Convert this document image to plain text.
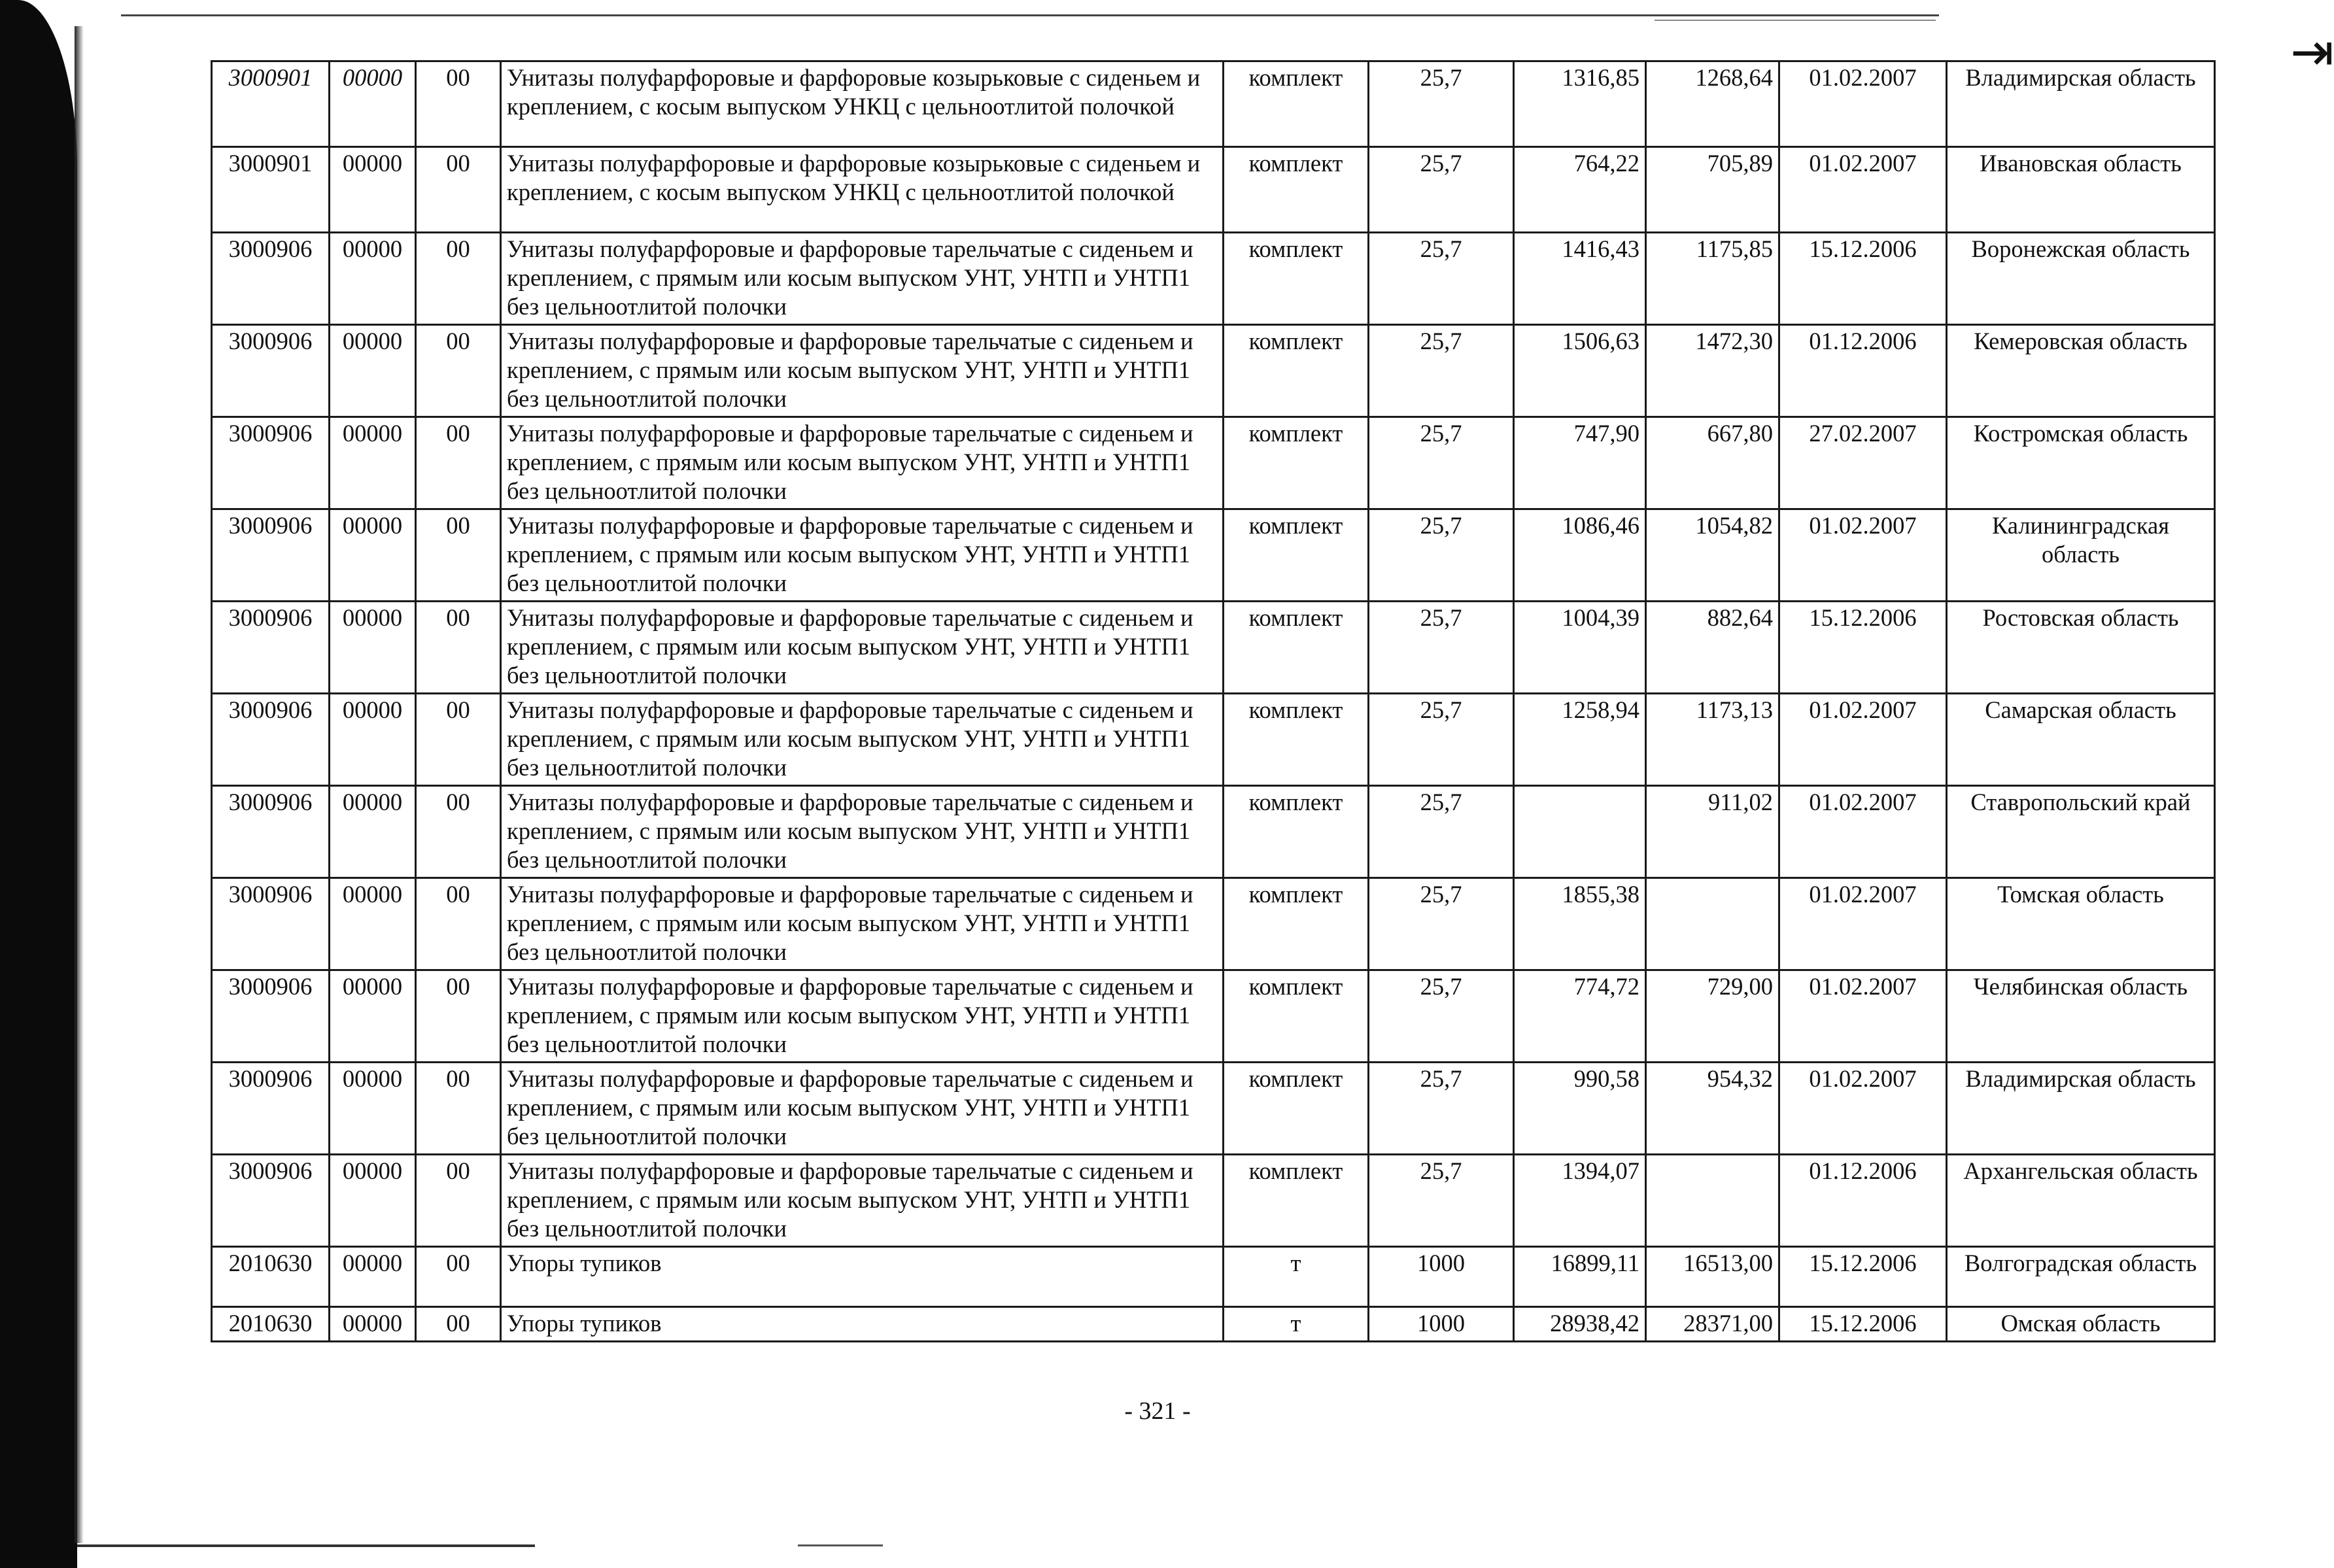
⇥
3000901	00000	00	Унитазы полуфарфоровые и фарфоровые козырьковые с сиденьем и креплением, с косым выпуском УНКЦ с цельноотлитой полочкой	комплект	25,7	1316,85	1268,64	01.02.2007	Владимирская область
3000901	00000	00	Унитазы полуфарфоровые и фарфоровые козырьковые с сиденьем и креплением, с косым выпуском УНКЦ с цельноотлитой полочкой	комплект	25,7	764,22	705,89	01.02.2007	Ивановская область
3000906	00000	00	Унитазы полуфарфоровые и фарфоровые тарельчатые с сиденьем и креплением, с прямым или косым выпуском УНТ, УНТП и УНТП1 без цельноотлитой полочки	комплект	25,7	1416,43	1175,85	15.12.2006	Воронежская область
3000906	00000	00	Унитазы полуфарфоровые и фарфоровые тарельчатые с сиденьем и креплением, с прямым или косым выпуском УНТ, УНТП и УНТП1 без цельноотлитой полочки	комплект	25,7	1506,63	1472,30	01.12.2006	Кемеровская область
3000906	00000	00	Унитазы полуфарфоровые и фарфоровые тарельчатые с сиденьем и креплением, с прямым или косым выпуском УНТ, УНТП и УНТП1 без цельноотлитой полочки	комплект	25,7	747,90	667,80	27.02.2007	Костромская область
3000906	00000	00	Унитазы полуфарфоровые и фарфоровые тарельчатые с сиденьем и креплением, с прямым или косым выпуском УНТ, УНТП и УНТП1 без цельноотлитой полочки	комплект	25,7	1086,46	1054,82	01.02.2007	Калининградская область
3000906	00000	00	Унитазы полуфарфоровые и фарфоровые тарельчатые с сиденьем и креплением, с прямым или косым выпуском УНТ, УНТП и УНТП1 без цельноотлитой полочки	комплект	25,7	1004,39	882,64	15.12.2006	Ростовская область
3000906	00000	00	Унитазы полуфарфоровые и фарфоровые тарельчатые с сиденьем и креплением, с прямым или косым выпуском УНТ, УНТП и УНТП1 без цельноотлитой полочки	комплект	25,7	1258,94	1173,13	01.02.2007	Самарская область
3000906	00000	00	Унитазы полуфарфоровые и фарфоровые тарельчатые с сиденьем и креплением, с прямым или косым выпуском УНТ, УНТП и УНТП1 без цельноотлитой полочки	комплект	25,7		911,02	01.02.2007	Ставропольский край
3000906	00000	00	Унитазы полуфарфоровые и фарфоровые тарельчатые с сиденьем и креплением, с прямым или косым выпуском УНТ, УНТП и УНТП1 без цельноотлитой полочки	комплект	25,7	1855,38		01.02.2007	Томская область
3000906	00000	00	Унитазы полуфарфоровые и фарфоровые тарельчатые с сиденьем и креплением, с прямым или косым выпуском УНТ, УНТП и УНТП1 без цельноотлитой полочки	комплект	25,7	774,72	729,00	01.02.2007	Челябинская область
3000906	00000	00	Унитазы полуфарфоровые и фарфоровые тарельчатые с сиденьем и креплением, с прямым или косым выпуском УНТ, УНТП и УНТП1 без цельноотлитой полочки	комплект	25,7	990,58	954,32	01.02.2007	Владимирская область
3000906	00000	00	Унитазы полуфарфоровые и фарфоровые тарельчатые с сиденьем и креплением, с прямым или косым выпуском УНТ, УНТП и УНТП1 без цельноотлитой полочки	комплект	25,7	1394,07		01.12.2006	Архангельская область
2010630	00000	00	Упоры тупиков	т	1000	16899,11	16513,00	15.12.2006	Волгоградская область
2010630	00000	00	Упоры тупиков	т	1000	28938,42	28371,00	15.12.2006	Омская область
- 321 -
